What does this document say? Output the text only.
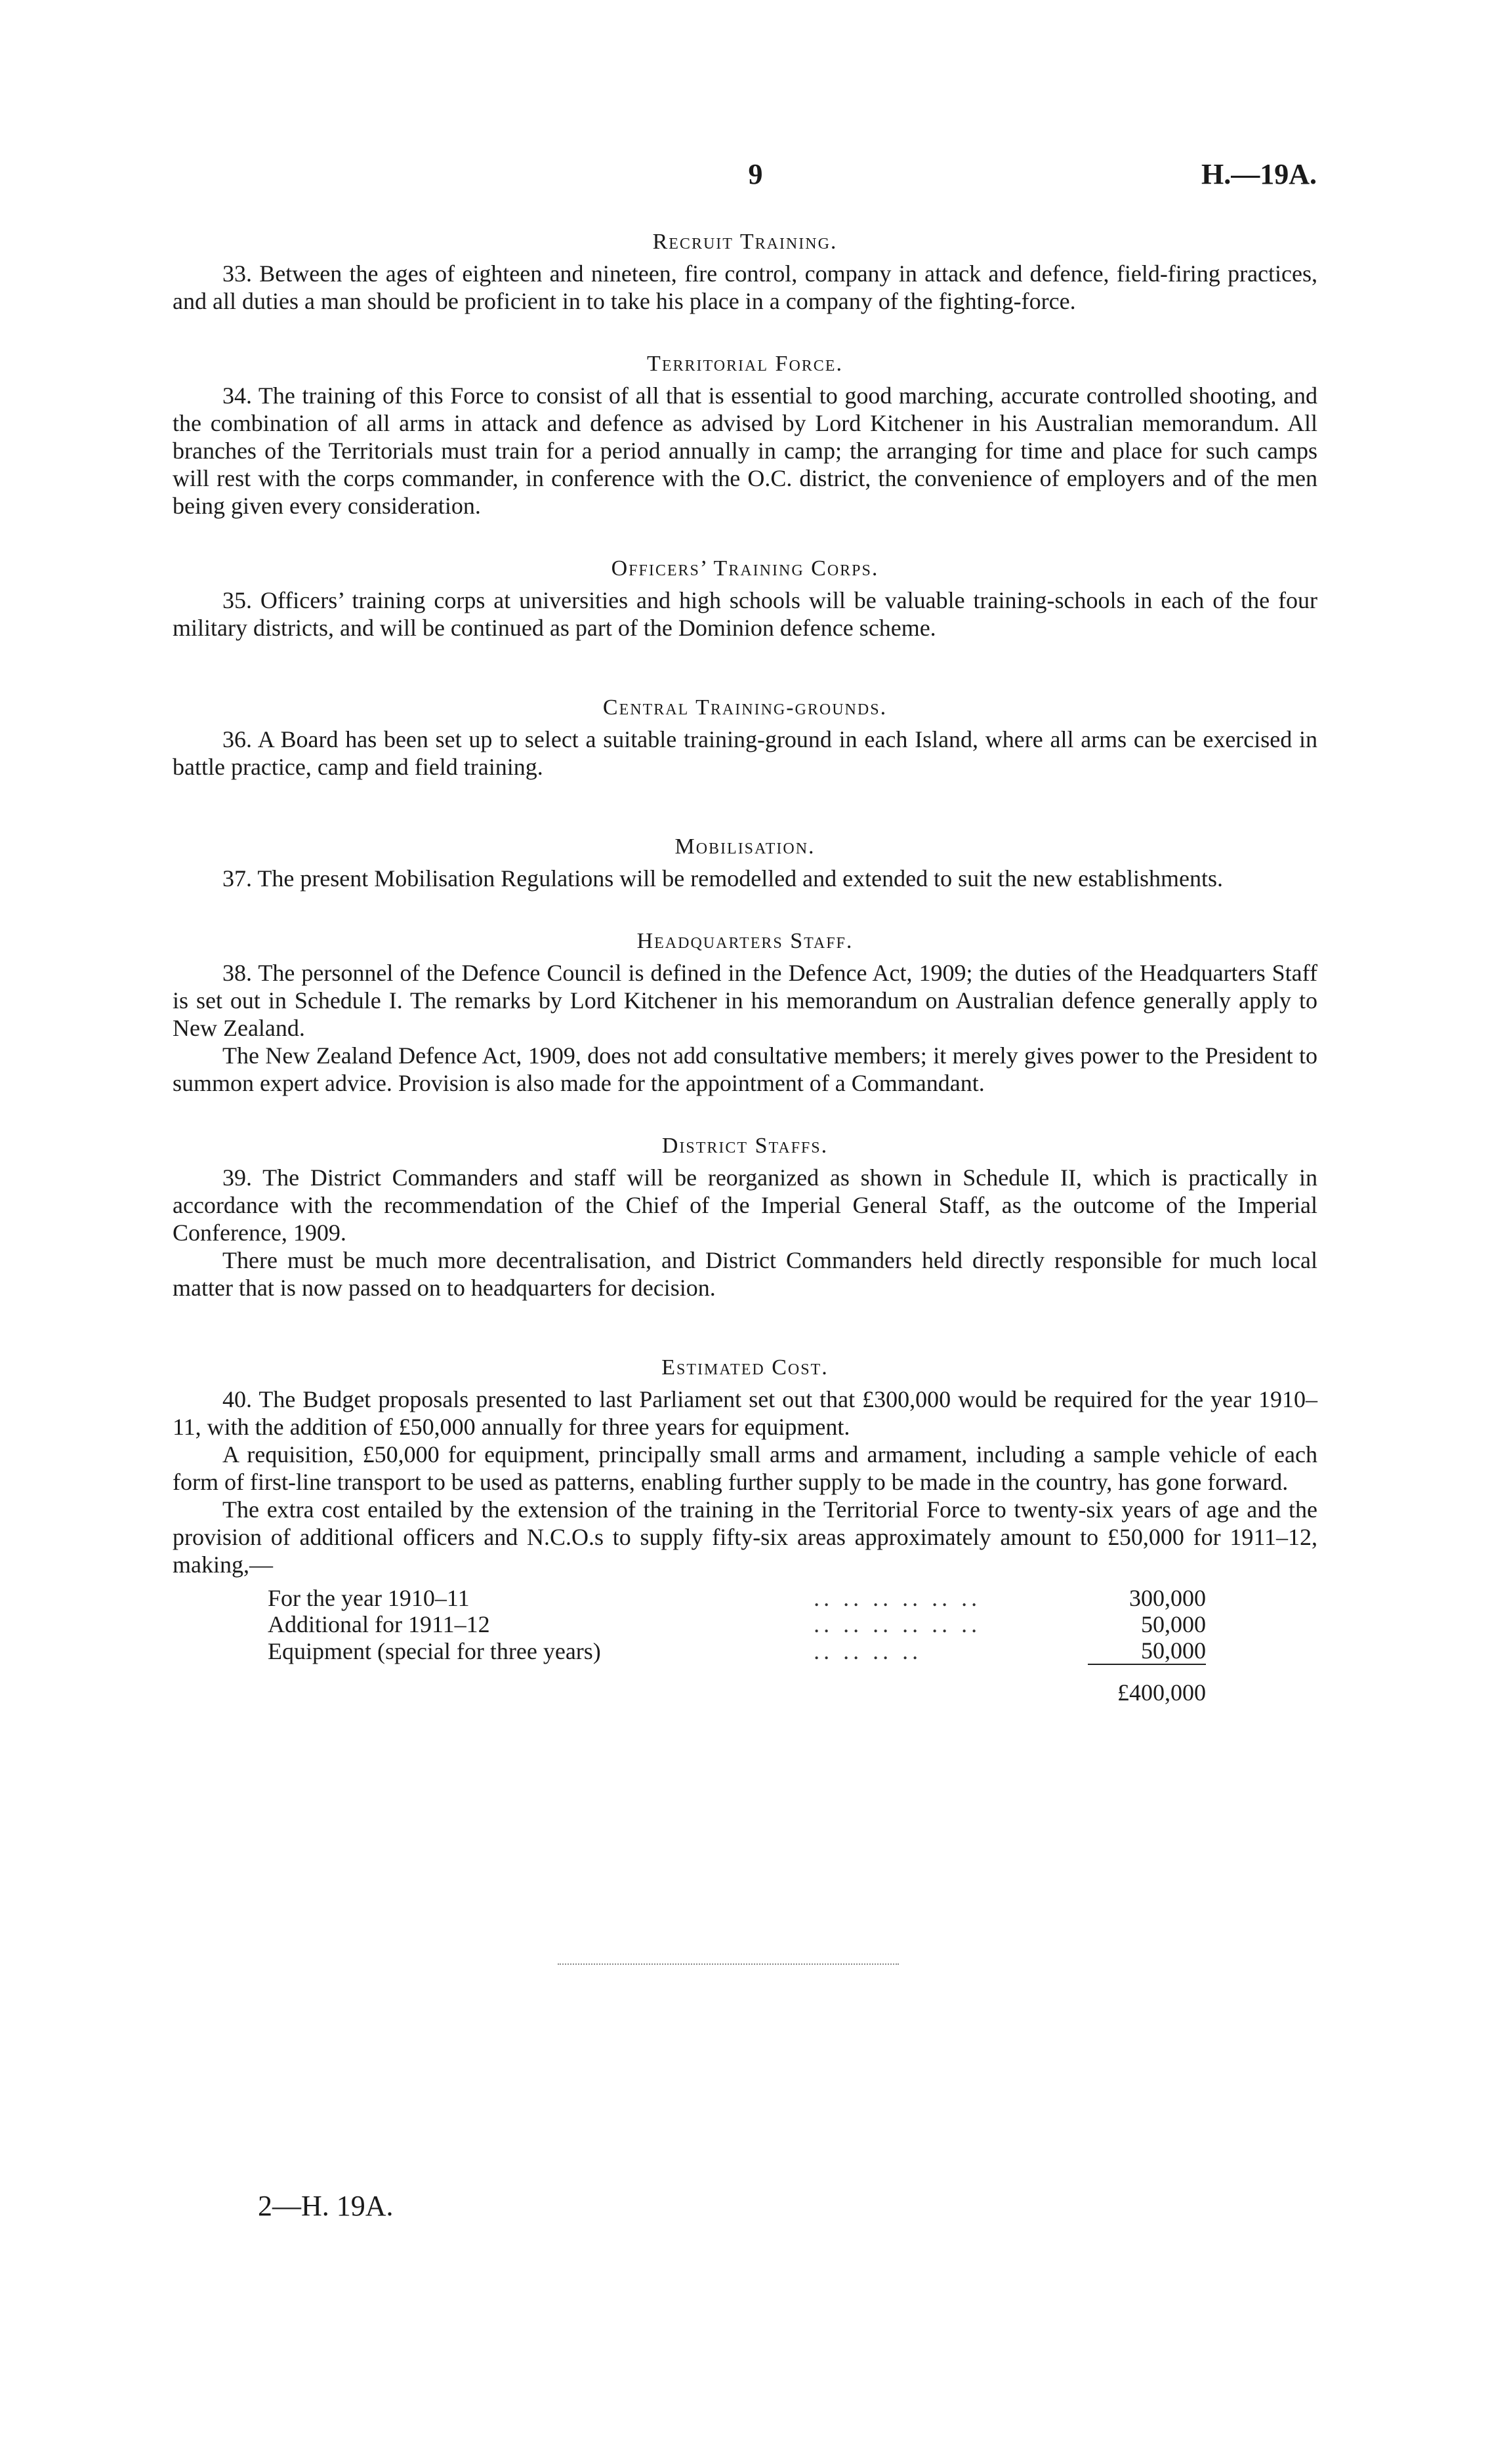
9	H.—19A.
Recruit Training.

33. Between the ages of eighteen and nineteen, fire control, company in attack and defence, field-firing practices, and all duties a man should be proficient in to take his place in a company of the fighting-force.

Territorial Force.

34. The training of this Force to consist of all that is essential to good marching, accurate controlled shooting, and the combination of all arms in attack and defence as advised by Lord Kitchener in his Australian memorandum. All branches of the Territorials must train for a period annually in camp; the arranging for time and place for such camps will rest with the corps commander, in conference with the O.C. district, the convenience of employers and of the men being given every consideration.

Officers’ Training Corps.

35. Officers’ training corps at universities and high schools will be valuable training-schools in each of the four military districts, and will be continued as part of the Dominion defence scheme.

Central Training-grounds.

36. A Board has been set up to select a suitable training-ground in each Island, where all arms can be exercised in battle practice, camp and field training.

Mobilisation.

37. The present Mobilisation Regulations will be remodelled and extended to suit the new establishments.

Headquarters Staff.

38. The personnel of the Defence Council is defined in the Defence Act, 1909; the duties of the Headquarters Staff is set out in Schedule I. The remarks by Lord Kitchener in his memorandum on Australian defence generally apply to New Zealand.

The New Zealand Defence Act, 1909, does not add consultative members; it merely gives power to the President to summon expert advice. Provision is also made for the appointment of a Commandant.

District Staffs.

39. The District Commanders and staff will be reorganized as shown in Schedule II, which is practically in accordance with the recommendation of the Chief of the Imperial General Staff, as the outcome of the Imperial Conference, 1909.

There must be much more decentralisation, and District Commanders held directly responsible for much local matter that is now passed on to headquarters for decision.

Estimated Cost.

40. The Budget proposals presented to last Parliament set out that £300,000 would be required for the year 1910–11, with the addition of £50,000 annually for three years for equipment.

A requisition, £50,000 for equipment, principally small arms and armament, including a sample vehicle of each form of first-line transport to be used as patterns, enabling further supply to be made in the country, has gone forward.

The extra cost entailed by the extension of the training in the Territorial Force to twenty-six years of age and the provision of additional officers and N.C.O.s to supply fifty-six areas approximately amount to £50,000 for 1911–12, making,—

For the year 1910–11	.. .. .. .. .. ..	300,000
Additional for 1911–12	.. .. .. .. .. ..	50,000
Equipment (special for three years)	.. .. .. ..	50,000
		£400,000
2—H. 19A.
